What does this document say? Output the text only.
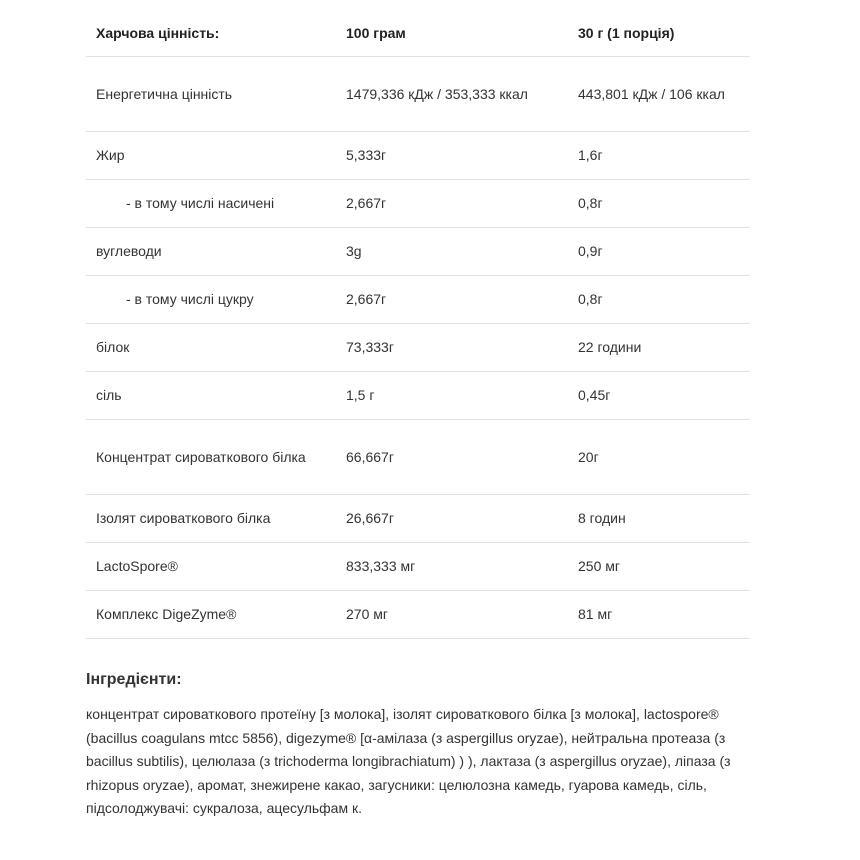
Харчова цінність:	100 грам	30 г (1 порція)
Енергетична цінність	1479,336 кДж / 353,333 ккал	443,801 кДж / 106 ккал
Жир	5,333г	1,6г
- в тому числі насичені	2,667г	0,8г
вуглеводи	3g	0,9г
- в тому числі цукру	2,667г	0,8г
білок	73,333г	22 години
сіль	1,5 г	0,45г
Концентрат сироваткового білка	66,667г	20г
Ізолят сироваткового білка	26,667г	8 годин
LactoSpore®	833,333 мг	250 мг
Комплекс DigeZyme®	270 мг	81 мг
Інгредієнти:

концентрат сироваткового протеїну [з молока], ізолят сироваткового білка [з молока], lactospore® (bacillus coagulans mtcc 5856), digezyme® [α-амілаза (з aspergillus oryzae), нейтральна протеаза (з bacillus subtilis), целюлаза (з trichoderma longibrachiatum) ) ), лактаза (з aspergillus oryzae), ліпаза (з rhizopus oryzae), аромат, знежирене какао, загусники: целюлозна камедь, гуарова камедь, сіль, підсолоджувачі: сукралоза, ацесульфам к.
